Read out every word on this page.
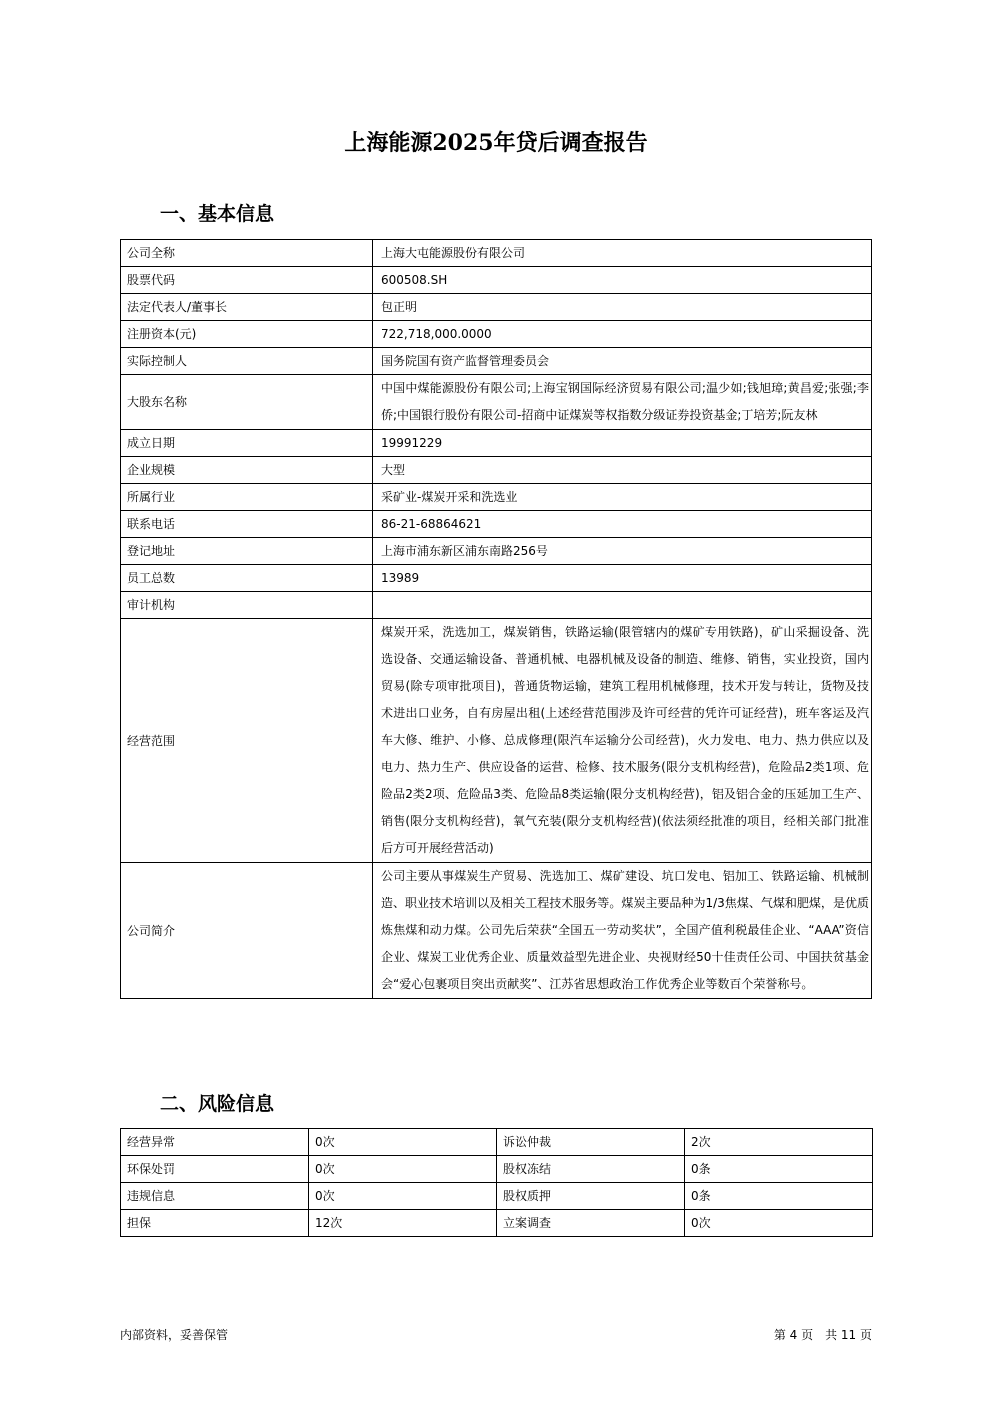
上海能源2025年贷后调查报告
一、基本信息
公司全称	上海大屯能源股份有限公司
股票代码	600508.SH
法定代表人/董事长	包正明
注册资本(元)	722,718,000.0000
实际控制人	国务院国有资产监督管理委员会
大股东名称	中国中煤能源股份有限公司;上海宝钢国际经济贸易有限公司;温少如;钱旭璋;黄昌爱;张强;李侨;中国银行股份有限公司-招商中证煤炭等权指数分级证券投资基金;丁培芳;阮友林
成立日期	19991229
企业规模	大型
所属行业	采矿业-煤炭开采和洗选业
联系电话	86-21-68864621
登记地址	上海市浦东新区浦东南路256号
员工总数	13989
审计机构	
经营范围	煤炭开采，洗选加工，煤炭销售，铁路运输(限管辖内的煤矿专用铁路)，矿山采掘设备、洗选设备、交通运输设备、普通机械、电器机械及设备的制造、维修、销售，实业投资，国内贸易(除专项审批项目)，普通货物运输，建筑工程用机械修理，技术开发与转让，货物及技术进出口业务，自有房屋出租(上述经营范围涉及许可经营的凭许可证经营)，班车客运及汽车大修、维护、小修、总成修理(限汽车运输分公司经营)，火力发电、电力、热力供应以及电力、热力生产、供应设备的运营、检修、技术服务(限分支机构经营)，危险品2类1项、危险品2类2项、危险品3类、危险品8类运输(限分支机构经营)，铝及铝合金的压延加工生产、销售(限分支机构经营)，氧气充装(限分支机构经营)(依法须经批准的项目，经相关部门批准后方可开展经营活动)
公司简介	公司主要从事煤炭生产贸易、洗选加工、煤矿建设、坑口发电、铝加工、铁路运输、机械制造、职业技术培训以及相关工程技术服务等。煤炭主要品种为1/3焦煤、气煤和肥煤，是优质炼焦煤和动力煤。公司先后荣获“全国五一劳动奖状”，全国产值利税最佳企业、“AAA”资信企业、煤炭工业优秀企业、质量效益型先进企业、央视财经50十佳责任公司、中国扶贫基金会“爱心包裹项目突出贡献奖”、江苏省思想政治工作优秀企业等数百个荣誉称号。
二、风险信息
经营异常	0次	诉讼仲裁	2次
环保处罚	0次	股权冻结	0条
违规信息	0次	股权质押	0条
担保	12次	立案调查	0次
内部资料，妥善保管	第 4 页　共 11 页
